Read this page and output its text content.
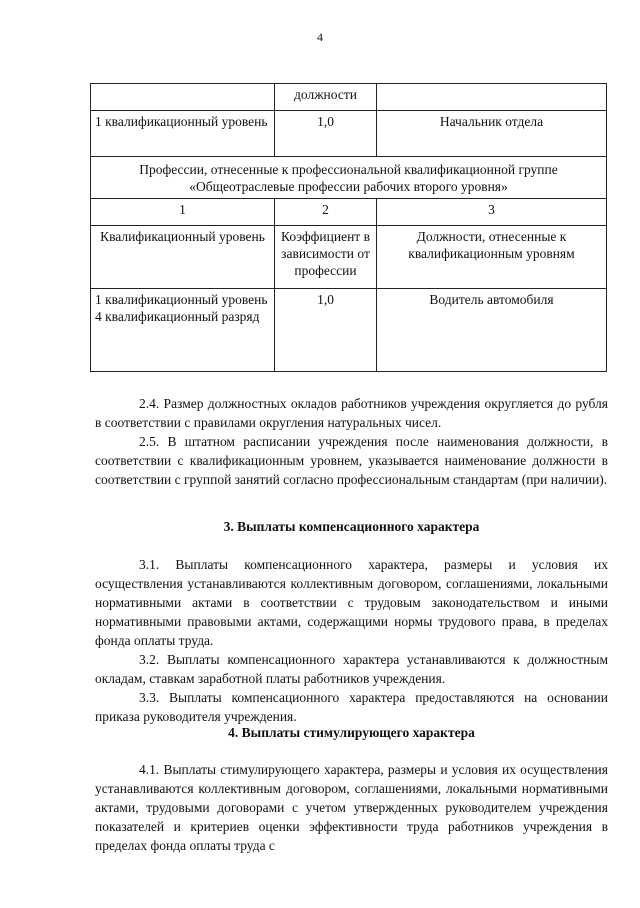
4
	должности	
1 квалификационный уровень	1,0	Начальник отдела

Профессии, отнесенные к профессиональной квалификационной группе
«Общеотраслевые профессии рабочих второго уровня»		

1	2	3
Квалификационный уровень	Коэффициент в зависимости от профессии	Должности, отнесенные к квалификационным уровням

1 квалификационный уровень
4 квалификационный разряд	1,0	Водитель автомобиля

2.4. Размер должностных окладов работников учреждения округляется до рубля в соответствии с правилами округления натуральных чисел.

2.5. В штатном расписании учреждения после наименования должности, в соответствии с квалификационным уровнем, указывается наименование должности в соответствии с группой занятий согласно профессиональным стандартам (при наличии).

3. Выплаты компенсационного характера

3.1. Выплаты компенсационного характера, размеры и условия их осуществления устанавливаются коллективным договором, соглашениями, локальными нормативными актами в соответствии с трудовым законодательством и иными нормативными правовыми актами, содержащими нормы трудового права, в пределах фонда оплаты труда.

3.2. Выплаты компенсационного характера устанавливаются к должностным окладам, ставкам заработной платы работников учреждения.

3.3. Выплаты компенсационного характера предоставляются на основании приказа руководителя учреждения.

4. Выплаты стимулирующего характера

4.1. Выплаты стимулирующего характера, размеры и условия их осуществления устанавливаются коллективным договором, соглашениями, локальными нормативными актами, трудовыми договорами с учетом утвержденных руководителем учреждения показателей и критериев оценки эффективности труда работников учреждения в пределах фонда оплаты труда с
